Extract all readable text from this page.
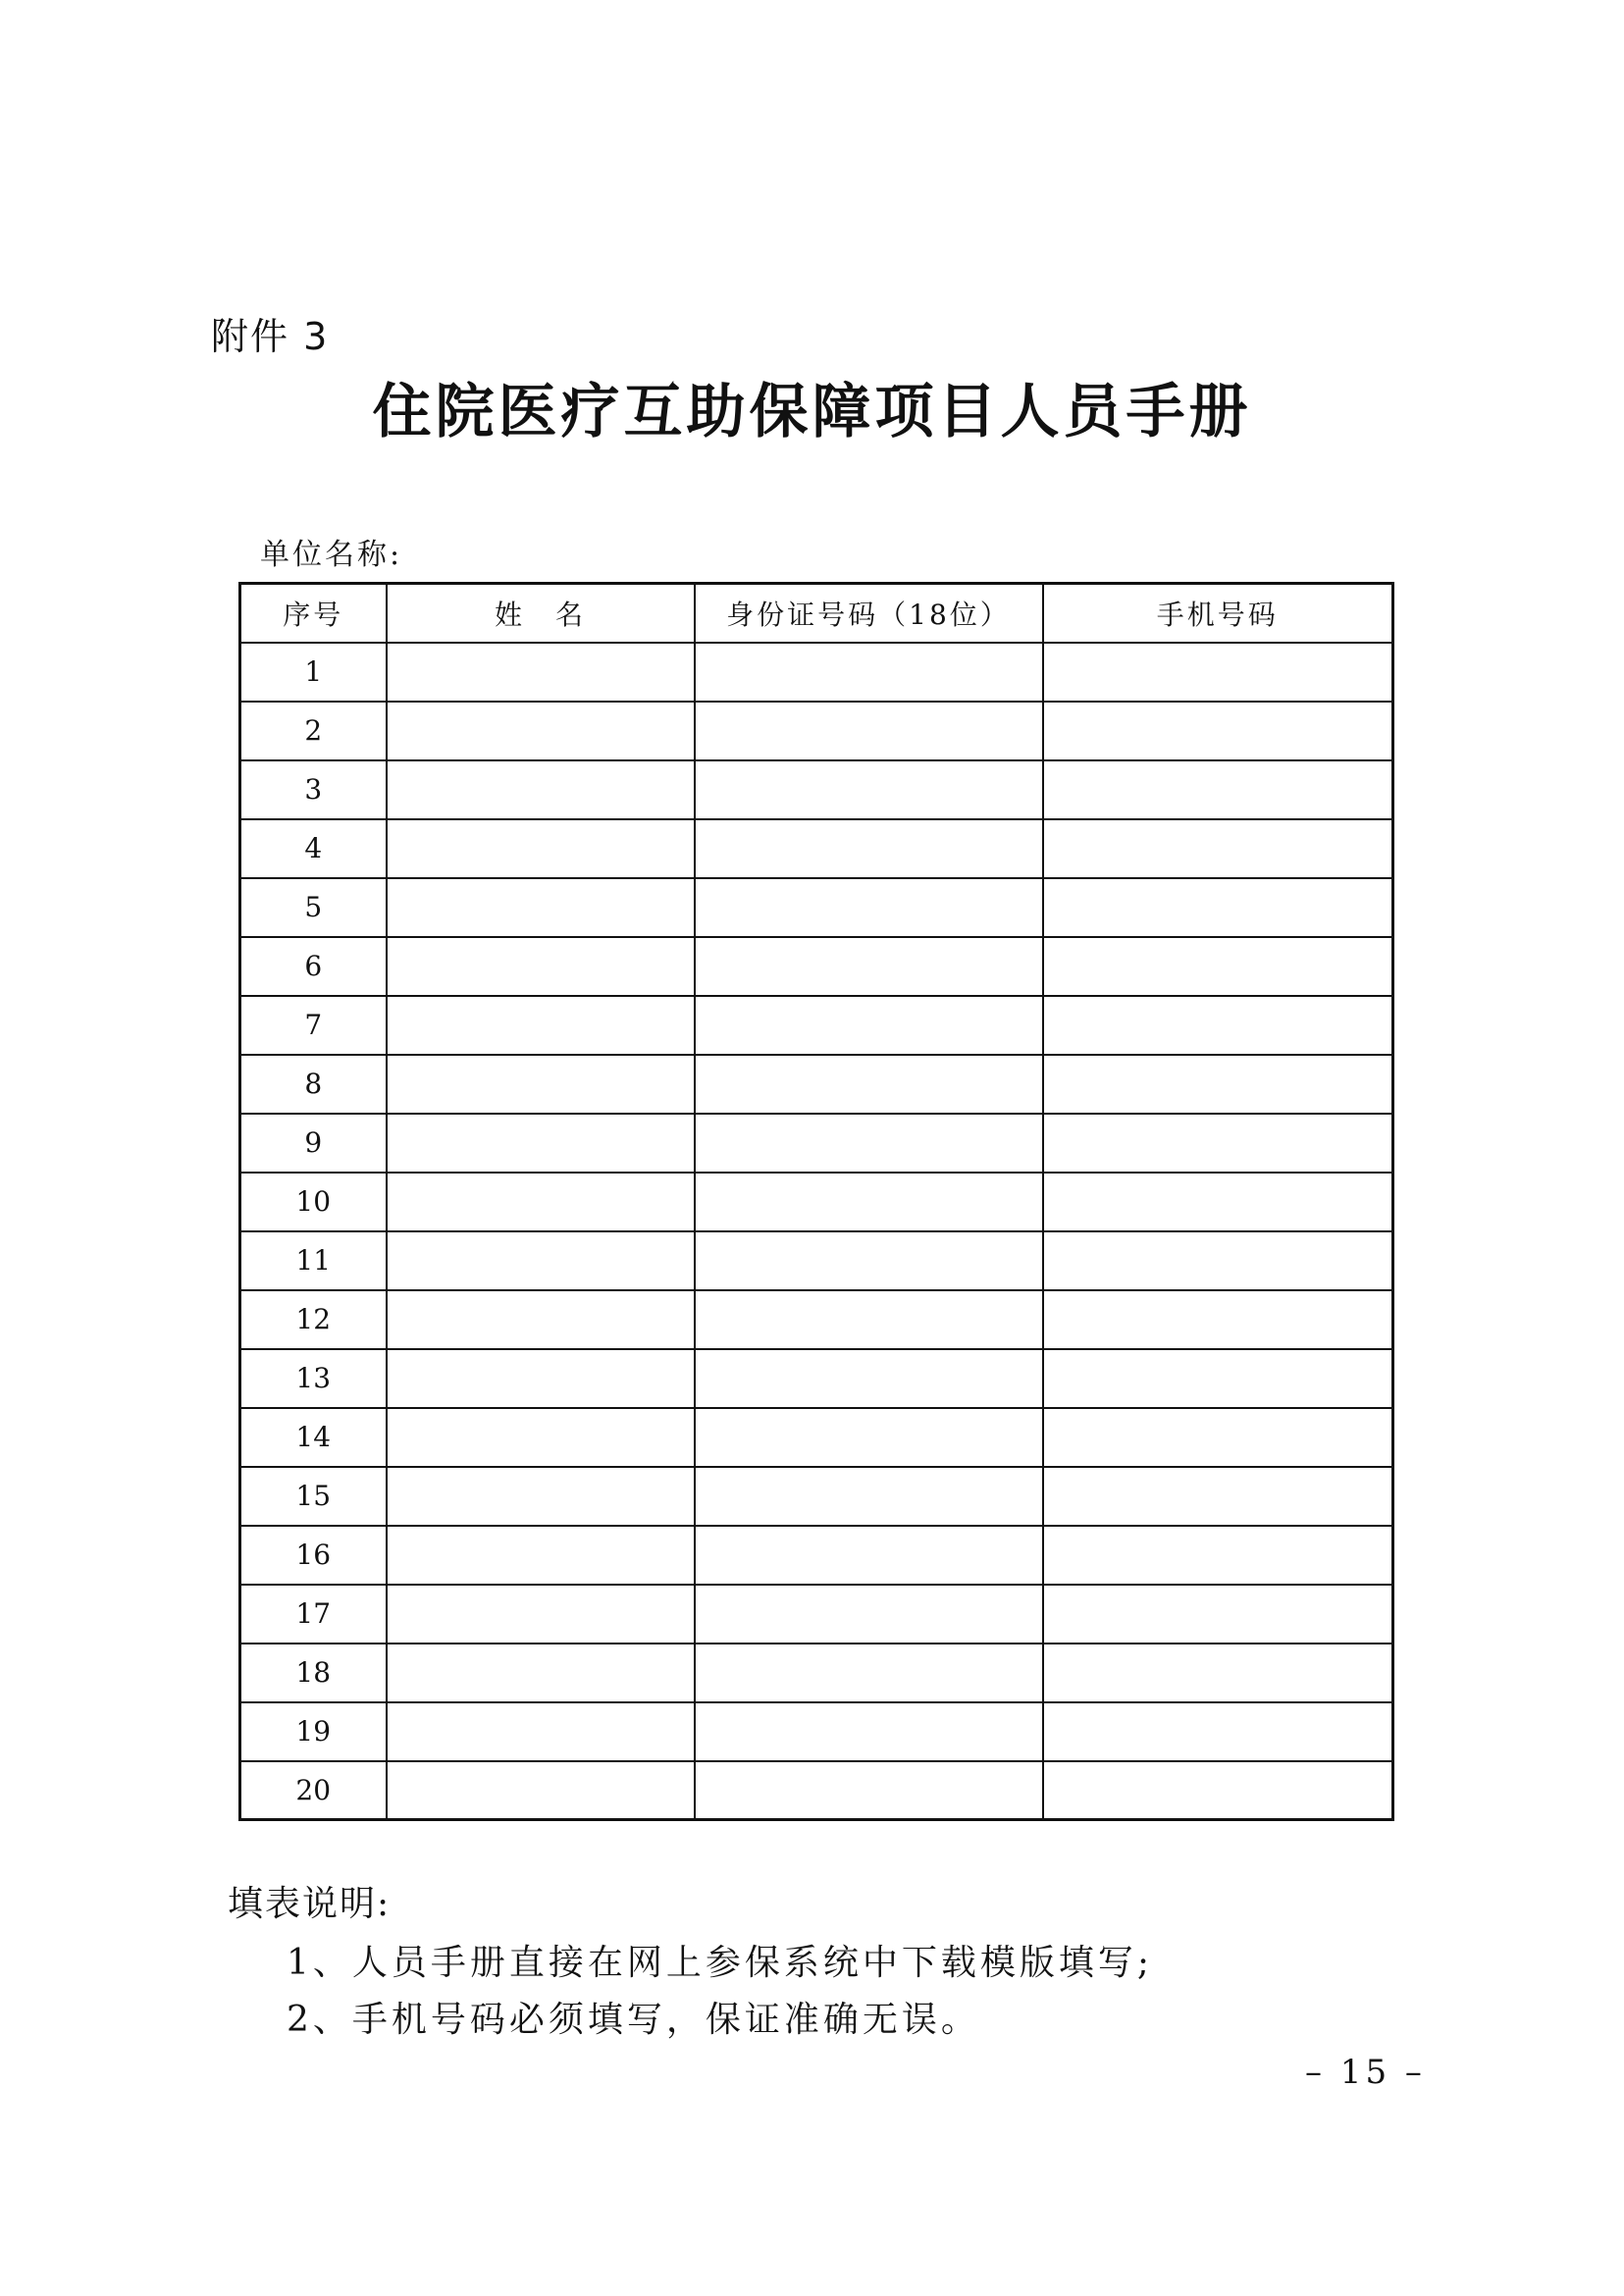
附件 3
住院医疗互助保障项目人员手册
单位名称:
序号	姓　名	身份证号码（18位）	手机号码
1			
2			
3			
4			
5			
6			
7			
8			
9			
10			
11			
12			
13			
14			
15			
16			
17			
18			
19			
20			
填表说明:
1、人员手册直接在网上参保系统中下载模版填写;
2、手机号码必须填写，保证准确无误。
– 15 –
